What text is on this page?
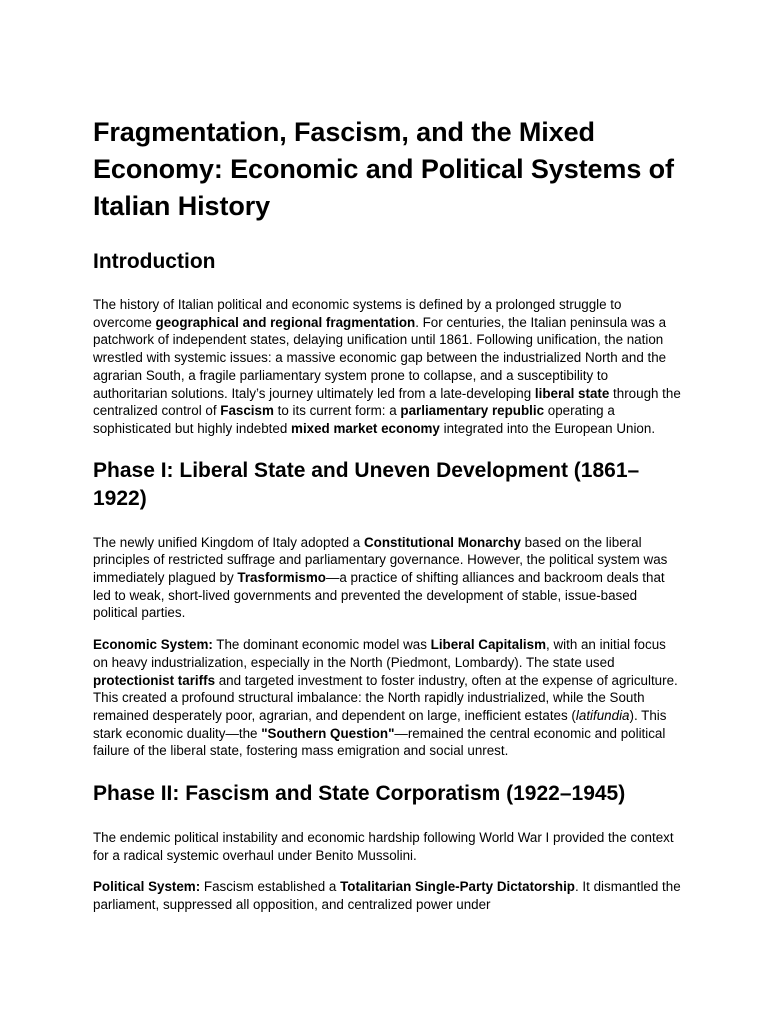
Fragmentation, Fascism, and the Mixed Economy: Economic and Political Systems of Italian History
Introduction

The history of Italian political and economic systems is defined by a prolonged struggle to overcome geographical and regional fragmentation. For centuries, the Italian peninsula was a patchwork of independent states, delaying unification until 1861. Following unification, the nation wrestled with systemic issues: a massive economic gap between the industrialized North and the agrarian South, a fragile parliamentary system prone to collapse, and a susceptibility to authoritarian solutions. Italy’s journey ultimately led from a late-developing liberal state through the centralized control of Fascism to its current form: a parliamentary republic operating a sophisticated but highly indebted mixed market economy integrated into the European Union.

Phase I: Liberal State and Uneven Development (1861–1922)

The newly unified Kingdom of Italy adopted a Constitutional Monarchy based on the liberal principles of restricted suffrage and parliamentary governance. However, the political system was immediately plagued by Trasformismo—a practice of shifting alliances and backroom deals that led to weak, short-lived governments and prevented the development of stable, issue-based political parties.

Economic System: The dominant economic model was Liberal Capitalism, with an initial focus on heavy industrialization, especially in the North (Piedmont, Lombardy). The state used protectionist tariffs and targeted investment to foster industry, often at the expense of agriculture. This created a profound structural imbalance: the North rapidly industrialized, while the South remained desperately poor, agrarian, and dependent on large, inefficient estates (latifundia). This stark economic duality—the "Southern Question"—remained the central economic and political failure of the liberal state, fostering mass emigration and social unrest.

Phase II: Fascism and State Corporatism (1922–1945)

The endemic political instability and economic hardship following World War I provided the context for a radical systemic overhaul under Benito Mussolini.

Political System: Fascism established a Totalitarian Single-Party Dictatorship. It dismantled the parliament, suppressed all opposition, and centralized power under
